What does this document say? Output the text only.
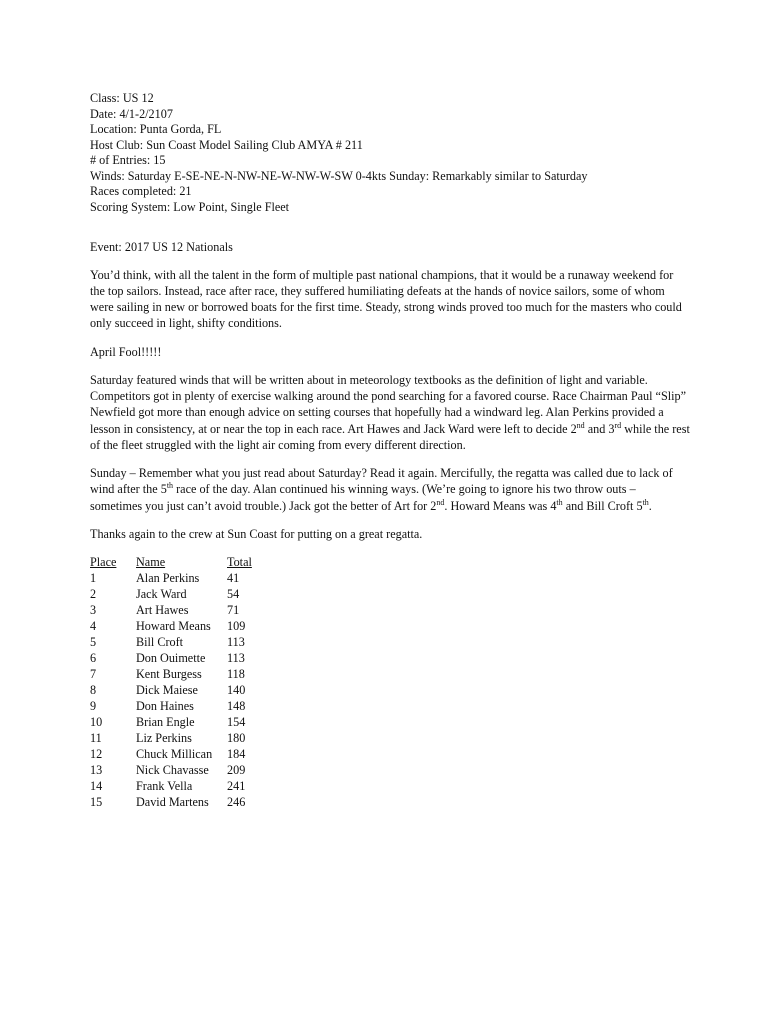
Class: US 12
Date: 4/1-2/2107
Location: Punta Gorda, FL
Host Club: Sun Coast Model Sailing Club AMYA # 211
# of Entries: 15
Winds: Saturday E-SE-NE-N-NW-NE-W-NW-W-SW 0-4kts Sunday: Remarkably similar to Saturday
Races completed: 21
Scoring System: Low Point, Single Fleet
Event: 2017 US 12 Nationals

You’d think, with all the talent in the form of multiple past national champions, that it would be a runaway weekend for the top sailors. Instead, race after race, they suffered humiliating defeats at the hands of novice sailors, some of whom were sailing in new or borrowed boats for the first time. Steady, strong winds proved too much for the masters who could only succeed in light, shifty conditions.

April Fool!!!!!

Saturday featured winds that will be written about in meteorology textbooks as the definition of light and variable. Competitors got in plenty of exercise walking around the pond searching for a favored course. Race Chairman Paul “Slip” Newfield got more than enough advice on setting courses that hopefully had a windward leg. Alan Perkins provided a lesson in consistency, at or near the top in each race. Art Hawes and Jack Ward were left to decide 2nd and 3rd while the rest of the fleet struggled with the light air coming from every different direction.

Sunday – Remember what you just read about Saturday? Read it again. Mercifully, the regatta was called due to lack of wind after the 5th race of the day. Alan continued his winning ways. (We’re going to ignore his two throw outs – sometimes you just can’t avoid trouble.) Jack got the better of Art for 2nd. Howard Means was 4th and Bill Croft 5th.

Thanks again to the crew at Sun Coast for putting on a great regatta.

Place	Name	Total
1	Alan Perkins	41
2	Jack Ward	54
3	Art Hawes	71
4	Howard Means	109
5	Bill Croft	113
6	Don Ouimette	113
7	Kent Burgess	118
8	Dick Maiese	140
9	Don Haines	148
10	Brian Engle	154
11	Liz Perkins	180
12	Chuck Millican	184
13	Nick Chavasse	209
14	Frank Vella	241
15	David Martens	246
